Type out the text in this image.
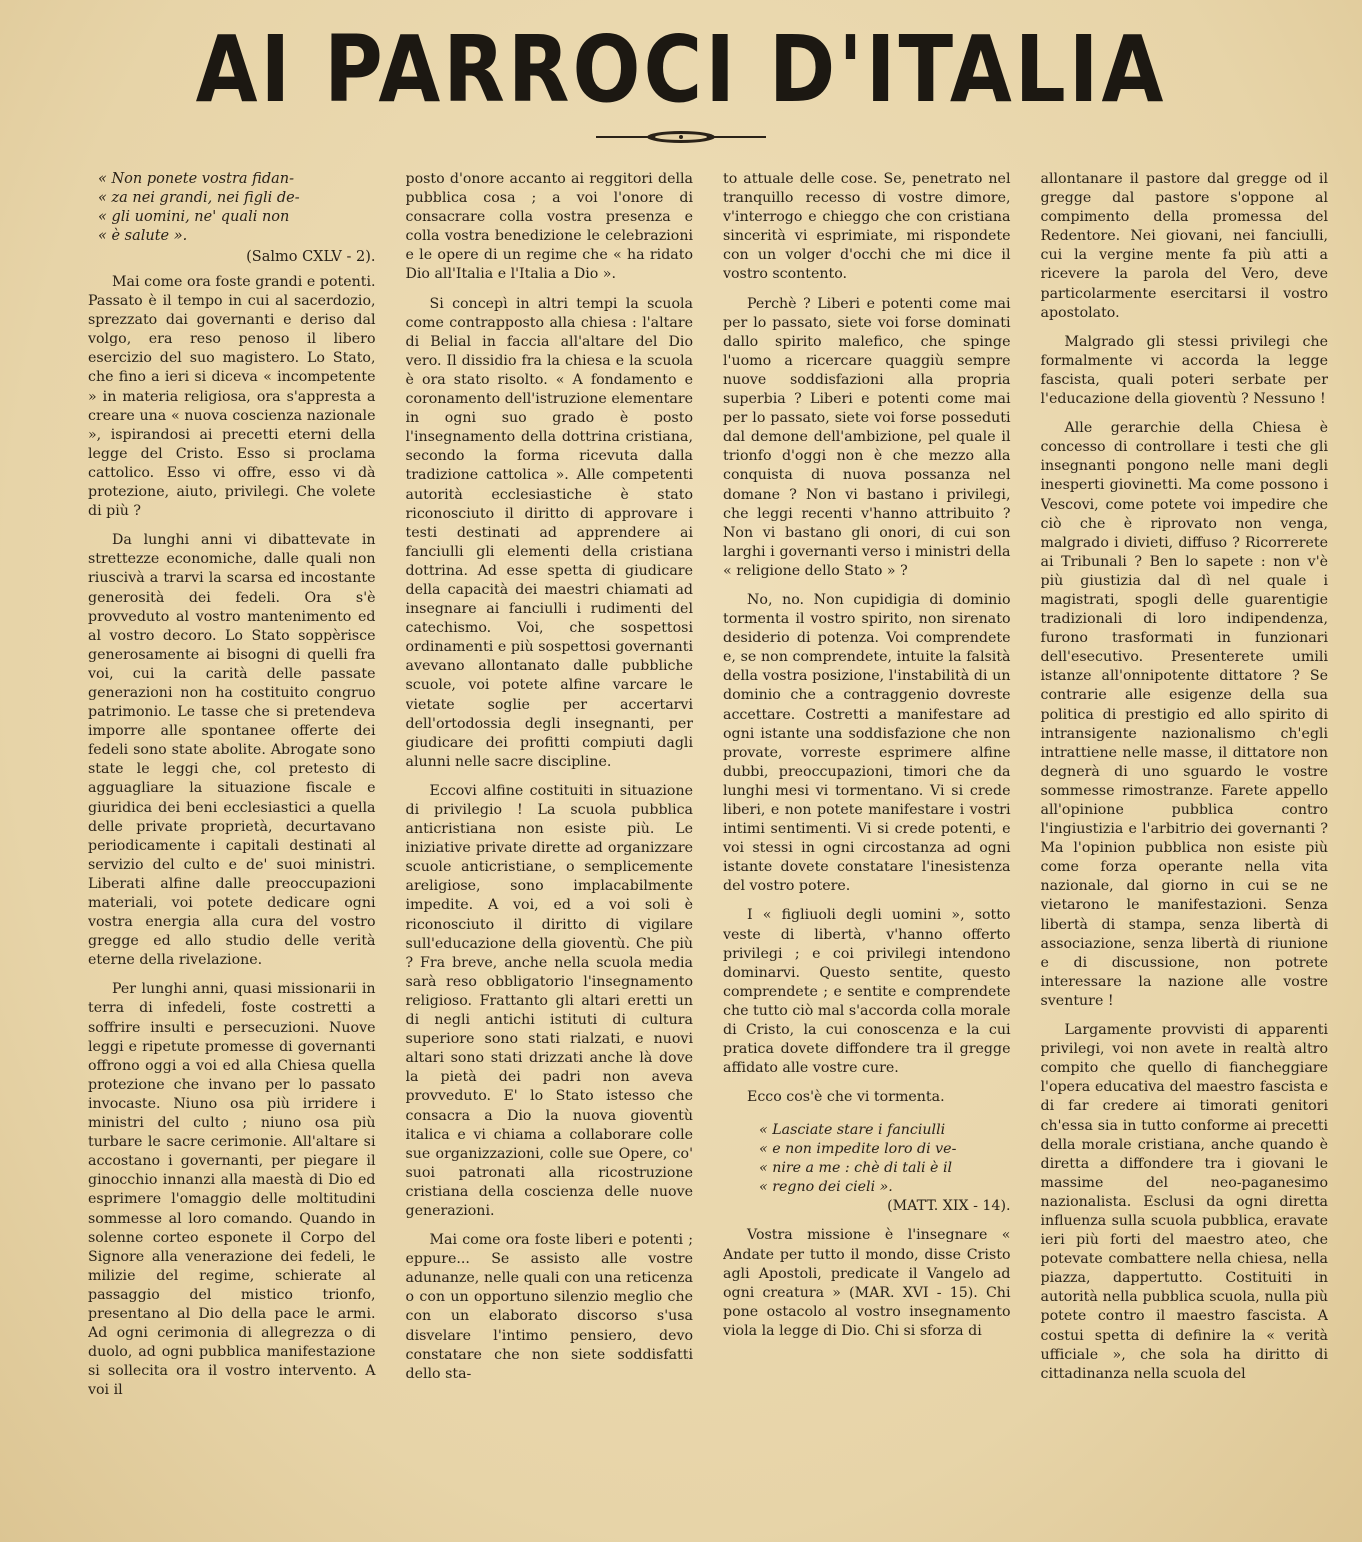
AI PARROCI D'ITALIA
« Non ponete vostra fidan-
« za nei grandi, nei figli de-
« gli uomini, ne' quali non
« è salute ».
(Salmo CXLV - 2).

Mai come ora foste grandi e potenti. Passato è il tempo in cui al sacerdozio, sprezzato dai governanti e deriso dal volgo, era reso penoso il libero esercizio del suo magistero. Lo Stato, che fino a ieri si diceva « incompetente » in materia religiosa, ora s'appresta a creare una « nuova coscienza nazionale », ispirandosi ai precetti eterni della legge del Cristo. Esso si proclama cattolico. Esso vi offre, esso vi dà protezione, aiuto, privilegi. Che volete di più ?

Da lunghi anni vi dibattevate in strettezze economiche, dalle quali non riuscivà a trarvi la scarsa ed incostante generosità dei fedeli. Ora s'è provveduto al vostro mantenimento ed al vostro decoro. Lo Stato soppèrisce generosamente ai bisogni di quelli fra voi, cui la carità delle passate generazioni non ha costituito congruo patrimonio. Le tasse che si pretendeva imporre alle spontanee offerte dei fedeli sono state abolite. Abrogate sono state le leggi che, col pretesto di agguagliare la situazione fiscale e giuridica dei beni ecclesiastici a quella delle private proprietà, decurtavano periodicamente i capitali destinati al servizio del culto e de' suoi ministri. Liberati alfine dalle preoccupazioni materiali, voi potete dedicare ogni vostra energia alla cura del vostro gregge ed allo studio delle verità eterne della rivelazione.

Per lunghi anni, quasi missionarii in terra di infedeli, foste costretti a soffrire insulti e persecuzioni. Nuove leggi e ripetute promesse di governanti offrono oggi a voi ed alla Chiesa quella protezione che invano per lo passato invocaste. Niuno osa più irridere i ministri del culto ; niuno osa più turbare le sacre cerimonie. All'altare si accostano i governanti, per piegare il ginocchio innanzi alla maestà di Dio ed esprimere l'omaggio delle moltitudini sommesse al loro comando. Quando in solenne corteo esponete il Corpo del Signore alla venerazione dei fedeli, le milizie del regime, schierate al passaggio del mistico trionfo, presentano al Dio della pace le armi. Ad ogni cerimonia di allegrezza o di duolo, ad ogni pubblica manifestazione si sollecita ora il vostro intervento. A voi il

posto d'onore accanto ai reggitori della pubblica cosa ; a voi l'onore di consacrare colla vostra presenza e colla vostra benedizione le celebrazioni e le opere di un regime che « ha ridato Dio all'Italia e l'Italia a Dio ».

Si concepì in altri tempi la scuola come contrapposto alla chiesa : l'altare di Belial in faccia all'altare del Dio vero. Il dissidio fra la chiesa e la scuola è ora stato risolto. « A fondamento e coronamento dell'istruzione elementare in ogni suo grado è posto l'insegnamento della dottrina cristiana, secondo la forma ricevuta dalla tradizione cattolica ». Alle competenti autorità ecclesiastiche è stato riconosciuto il diritto di approvare i testi destinati ad apprendere ai fanciulli gli elementi della cristiana dottrina. Ad esse spetta di giudicare della capacità dei maestri chiamati ad insegnare ai fanciulli i rudimenti del catechismo. Voi, che sospettosi ordinamenti e più sospettosi governanti avevano allontanato dalle pubbliche scuole, voi potete alfine varcare le vietate soglie per accertarvi dell'ortodossia degli insegnanti, per giudicare dei profitti compiuti dagli alunni nelle sacre discipline.

Eccovi alfine costituiti in situazione di privilegio ! La scuola pubblica anticristiana non esiste più. Le iniziative private dirette ad organizzare scuole anticristiane, o semplicemente areligiose, sono implacabilmente impedite. A voi, ed a voi soli è riconosciuto il diritto di vigilare sull'educazione della gioventù. Che più ? Fra breve, anche nella scuola media sarà reso obbligatorio l'insegnamento religioso. Frattanto gli altari eretti un di negli antichi istituti di cultura superiore sono stati rialzati, e nuovi altari sono stati drizzati anche là dove la pietà dei padri non aveva provveduto. E' lo Stato istesso che consacra a Dio la nuova gioventù italica e vi chiama a collaborare colle sue organizzazioni, colle sue Opere, co' suoi patronati alla ricostruzione cristiana della coscienza delle nuove generazioni.

Mai come ora foste liberi e potenti ; eppure... Se assisto alle vostre adunanze, nelle quali con una reticenza o con un opportuno silenzio meglio che con un elaborato discorso s'usa disvelare l'intimo pensiero, devo constatare che non siete soddisfatti dello sta-

to attuale delle cose. Se, penetrato nel tranquillo recesso di vostre dimore, v'interrogo e chieggo che con cristiana sincerità vi esprimiate, mi rispondete con un volger d'occhi che mi dice il vostro scontento.

Perchè ? Liberi e potenti come mai per lo passato, siete voi forse dominati dallo spirito malefico, che spinge l'uomo a ricercare quaggiù sempre nuove soddisfazioni alla propria superbia ? Liberi e potenti come mai per lo passato, siete voi forse posseduti dal demone dell'ambizione, pel quale il trionfo d'oggi non è che mezzo alla conquista di nuova possanza nel domane ? Non vi bastano i privilegi, che leggi recenti v'hanno attribuito ? Non vi bastano gli onori, di cui son larghi i governanti verso i ministri della « religione dello Stato » ?

No, no. Non cupidigia di dominio tormenta il vostro spirito, non sirenato desiderio di potenza. Voi comprendete e, se non comprendete, intuite la falsità della vostra posizione, l'instabilità di un dominio che a contraggenio dovreste accettare. Costretti a manifestare ad ogni istante una soddisfazione che non provate, vorreste esprimere alfine dubbi, preoccupazioni, timori che da lunghi mesi vi tormentano. Vi si crede liberi, e non potete manifestare i vostri intimi sentimenti. Vi si crede potenti, e voi stessi in ogni circostanza ad ogni istante dovete constatare l'inesistenza del vostro potere.

I « figliuoli degli uomini », sotto veste di libertà, v'hanno offerto privilegi ; e coi privilegi intendono dominarvi. Questo sentite, questo comprendete ; e sentite e comprendete che tutto ciò mal s'accorda colla morale di Cristo, la cui conoscenza e la cui pratica dovete diffondere tra il gregge affidato alle vostre cure.

Ecco cos'è che vi tormenta.

« Lasciate stare i fanciulli
« e non impedite loro di ve-
« nire a me : chè di tali è il
« regno dei cieli ».
(MATT. XIX - 14).

Vostra missione è l'insegnare « Andate per tutto il mondo, disse Cristo agli Apostoli, predicate il Vangelo ad ogni creatura » (MAR. XVI - 15). Chi pone ostacolo al vostro insegnamento viola la legge di Dio. Chi si sforza di

allontanare il pastore dal gregge od il gregge dal pastore s'oppone al compimento della promessa del Redentore. Nei giovani, nei fanciulli, cui la vergine mente fa più atti a ricevere la parola del Vero, deve particolarmente esercitarsi il vostro apostolato.

Malgrado gli stessi privilegi che formalmente vi accorda la legge fascista, quali poteri serbate per l'educazione della gioventù ? Nessuno !

Alle gerarchie della Chiesa è concesso di controllare i testi che gli insegnanti pongono nelle mani degli inesperti giovinetti. Ma come possono i Vescovi, come potete voi impedire che ciò che è riprovato non venga, malgrado i divieti, diffuso ? Ricorrerete ai Tribunali ? Ben lo sapete : non v'è più giustizia dal dì nel quale i magistrati, spogli delle guarentigie tradizionali di loro indipendenza, furono trasformati in funzionari dell'esecutivo. Presenterete umili istanze all'onnipotente dittatore ? Se contrarie alle esigenze della sua politica di prestigio ed allo spirito di intransigente nazionalismo ch'egli intrattiene nelle masse, il dittatore non degnerà di uno sguardo le vostre sommesse rimostranze. Farete appello all'opinione pubblica contro l'ingiustizia e l'arbitrio dei governanti ? Ma l'opinion pubblica non esiste più come forza operante nella vita nazionale, dal giorno in cui se ne vietarono le manifestazioni. Senza libertà di stampa, senza libertà di associazione, senza libertà di riunione e di discussione, non potrete interessare la nazione alle vostre sventure !

Largamente provvisti di apparenti privilegi, voi non avete in realtà altro compito che quello di fiancheggiare l'opera educativa del maestro fascista e di far credere ai timorati genitori ch'essa sia in tutto conforme ai precetti della morale cristiana, anche quando è diretta a diffondere tra i giovani le massime del neo-paganesimo nazionalista. Esclusi da ogni diretta influenza sulla scuola pubblica, eravate ieri più forti del maestro ateo, che potevate combattere nella chiesa, nella piazza, dappertutto. Costituiti in autorità nella pubblica scuola, nulla più potete contro il maestro fascista. A costui spetta di definire la « verità ufficiale », che sola ha diritto di cittadinanza nella scuola del
